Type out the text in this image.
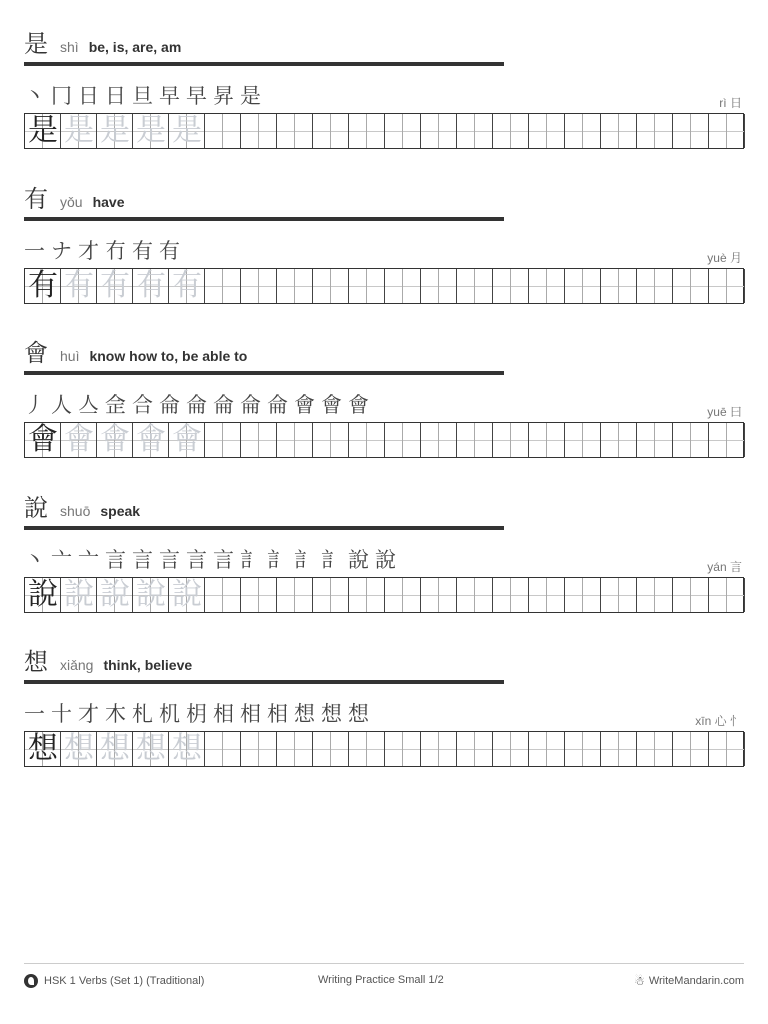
是 shì be, is, are, am
丶 冂 日 日 旦 早 早 昇 是	rì 日
是 是 是 是 是
有 yǒu have
一 ナ 才 冇 有 有	yuè 月
有 有 有 有 有
會 huì know how to, be able to
丿 人 亼 佱 合 侖 侖 侖 侖 侖 會 會 會	yuē 曰
會 會 會 會 會
說 shuō speak
丶 亠 亠 言 言 言 言 言 訁 訁 訁 訁 說 說	yán 言
說 說 說 說 說
想 xiǎng think, believe
一 十 才 木 札 机 枂 相 相 相 想 想 想	xīn 心 忄
想 想 想 想 想
HSK 1 Verbs (Set 1) (Traditional)	Writing Practice Small 1/2	☃ WriteMandarin.com
